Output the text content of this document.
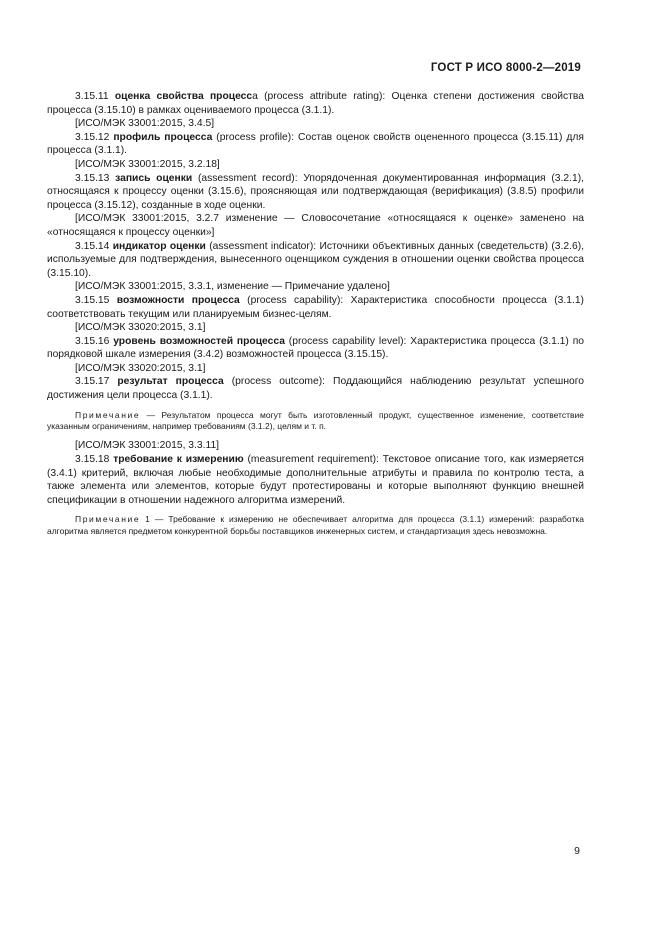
ГОСТ Р ИСО 8000-2—2019

3.15.11 оценка свойства процесса (process attribute rating): Оценка степени достижения свойства процесса (3.15.10) в рамках оцениваемого процесса (3.1.1).

[ИСО/МЭК 33001:2015, 3.4.5]

3.15.12 профиль процесса (process profile): Состав оценок свойств оцененного процесса (3.15.11) для процесса (3.1.1).

[ИСО/МЭК 33001:2015, 3.2.18]

3.15.13 запись оценки (assessment record): Упорядоченная документированная информация (3.2.1), относящаяся к процессу оценки (3.15.6), проясняющая или подтверждающая (верификация) (3.8.5) профили процесса (3.15.12), созданные в ходе оценки.

[ИСО/МЭК 33001:2015, 3.2.7 изменение — Словосочетание «относящаяся к оценке» заменено на «относящаяся к процессу оценки»]

3.15.14 индикатор оценки (assessment indicator): Источники объективных данных (сведетельств) (3.2.6), используемые для подтверждения, вынесенного оценщиком суждения в отношении оценки свойства процесса (3.15.10).

[ИСО/МЭК 33001:2015, 3.3.1, изменение — Примечание удалено]

3.15.15 возможности процесса (process capability): Характеристика способности процесса (3.1.1) соответствовать текущим или планируемым бизнес-целям.

[ИСО/МЭК 33020:2015, 3.1]

3.15.16 уровень возможностей процесса (process capability level): Характеристика процесса (3.1.1) по порядковой шкале измерения (3.4.2) возможностей процесса (3.15.15).

[ИСО/МЭК 33020:2015, 3.1]

3.15.17 результат процесса (process outcome): Поддающийся наблюдению результат успешного достижения цели процесса (3.1.1).

Примечание — Результатом процесса могут быть изготовленный продукт, существенное изменение, соответствие указанным ограничениям, например требованиям (3.1.2), целям и т. п.

[ИСО/МЭК 33001:2015, 3.3.11]

3.15.18 требование к измерению (measurement requirement): Текстовое описание того, как измеряется (3.4.1) критерий, включая любые необходимые дополнительные атрибуты и правила по контролю теста, а также элемента или элементов, которые будут протестированы и которые выполняют функцию внешней спецификации в отношении надежного алгоритма измерений.

Примечание 1 — Требование к измерению не обеспечивает алгоритма для процесса (3.1.1) измерений: разработка алгоритма является предметом конкурентной борьбы поставщиков инженерных систем, и стандартизация здесь невозможна.

9
